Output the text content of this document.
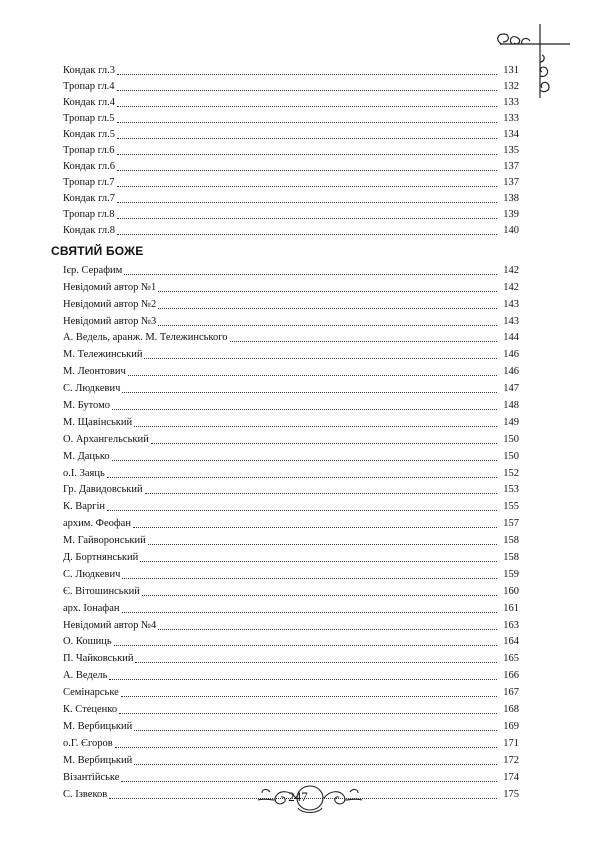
Кондак гл.3	131
Тропар гл.4	132
Кондак гл.4	133
Тропар гл.5	133
Кондак гл.5	134
Тропар гл.6	135
Кондак гл.6	137
Тропар гл.7	137
Кондак гл.7	138
Тропар гл.8	139
Кондак гл.8	140
СВЯТИЙ БОЖЕ
Ієр. Серафим	142
Невідомий автор №1	142
Невідомий автор №2	143
Невідомий автор №3	143
А. Ведель, аранж. М. Тележинського	144
М. Тележинський	146
М. Леонтович	146
С. Людкевич	147
М. Бутомо	148
М. Щавінський	149
О. Архангельський	150
М. Дацько	150
о.І. Заяць	152
Гр. Давидовський	153
К. Варгін	155
архим. Феофан	157
М. Гайворонський	158
Д. Бортнянський	158
С. Людкевич	159
Є. Вітошинський	160
арх. Іонафан	161
Невідомий автор №4	163
О. Кошиць	164
П. Чайковський	165
А. Ведель	166
Семінарське	167
К. Стеценко	168
М. Вербицький	169
о.Г. Єгоров	171
М. Вербицький	172
Візантійське	174
С. Ізвеков	175
247
